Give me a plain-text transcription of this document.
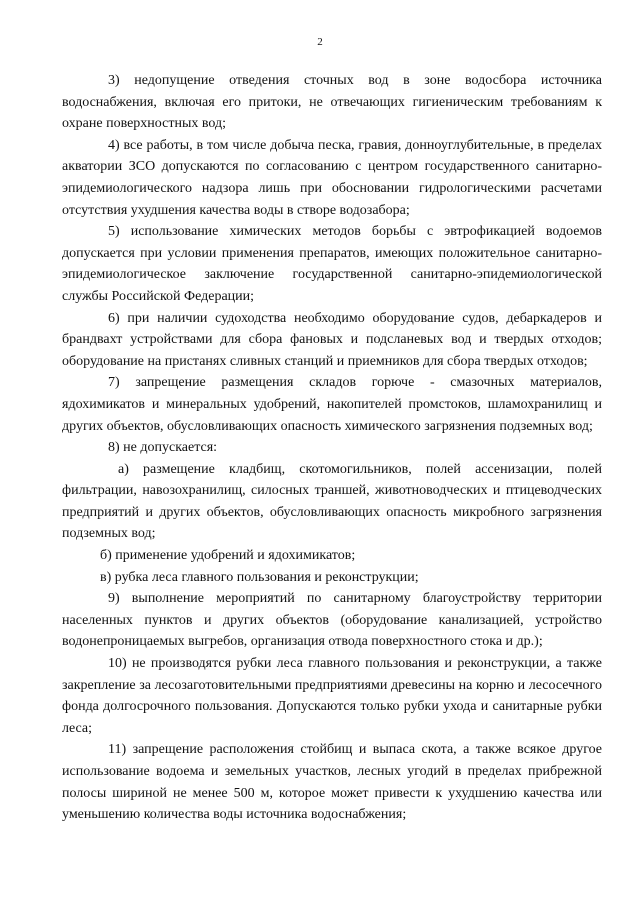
2

3) недопущение отведения сточных вод в зоне водосбора источника водоснабжения, включая его притоки, не отвечающих гигиеническим требованиям к охране поверхностных вод;

4) все работы, в том числе добыча песка, гравия, донноуглубительные, в пределах акватории ЗСО допускаются по согласованию с центром государственного санитарно-эпидемиологического надзора лишь при обосновании гидрологическими расчетами отсутствия ухудшения качества воды в створе водозабора;

5) использование химических методов борьбы с эвтрофикацией водоемов допускается при условии применения препаратов, имеющих положительное санитарно-эпидемиологическое заключение государственной санитарно-эпидемиологической службы Российской Федерации;

6) при наличии судоходства необходимо оборудование судов, дебаркадеров и брандвахт устройствами для сбора фановых и подсланевых вод и твердых отходов; оборудование на пристанях сливных станций и приемников для сбора твердых отходов;

7) запрещение размещения складов горюче - смазочных материалов, ядохимикатов и минеральных удобрений, накопителей промстоков, шламохранилищ и других объектов, обусловливающих опасность химического загрязнения подземных вод;

8) не допускается:

а) размещение кладбищ, скотомогильников, полей ассенизации, полей фильтрации, навозохранилищ, силосных траншей, животноводческих и птицеводческих предприятий и других объектов, обусловливающих опасность микробного загрязнения подземных вод;

б) применение удобрений и ядохимикатов;

в) рубка леса главного пользования и реконструкции;

9) выполнение мероприятий по санитарному благоустройству территории населенных пунктов и других объектов (оборудование канализацией, устройство водонепроницаемых выгребов, организация отвода поверхностного стока и др.);

10) не производятся рубки леса главного пользования и реконструкции, а также закрепление за лесозаготовительными предприятиями древесины на корню и лесосечного фонда долгосрочного пользования. Допускаются только рубки ухода и санитарные рубки леса;

11) запрещение расположения стойбищ и выпаса скота, а также всякое другое использование водоема и земельных участков, лесных угодий в пределах прибрежной полосы шириной не менее 500 м, которое может привести к ухудшению качества или уменьшению количества воды источника водоснабжения;
